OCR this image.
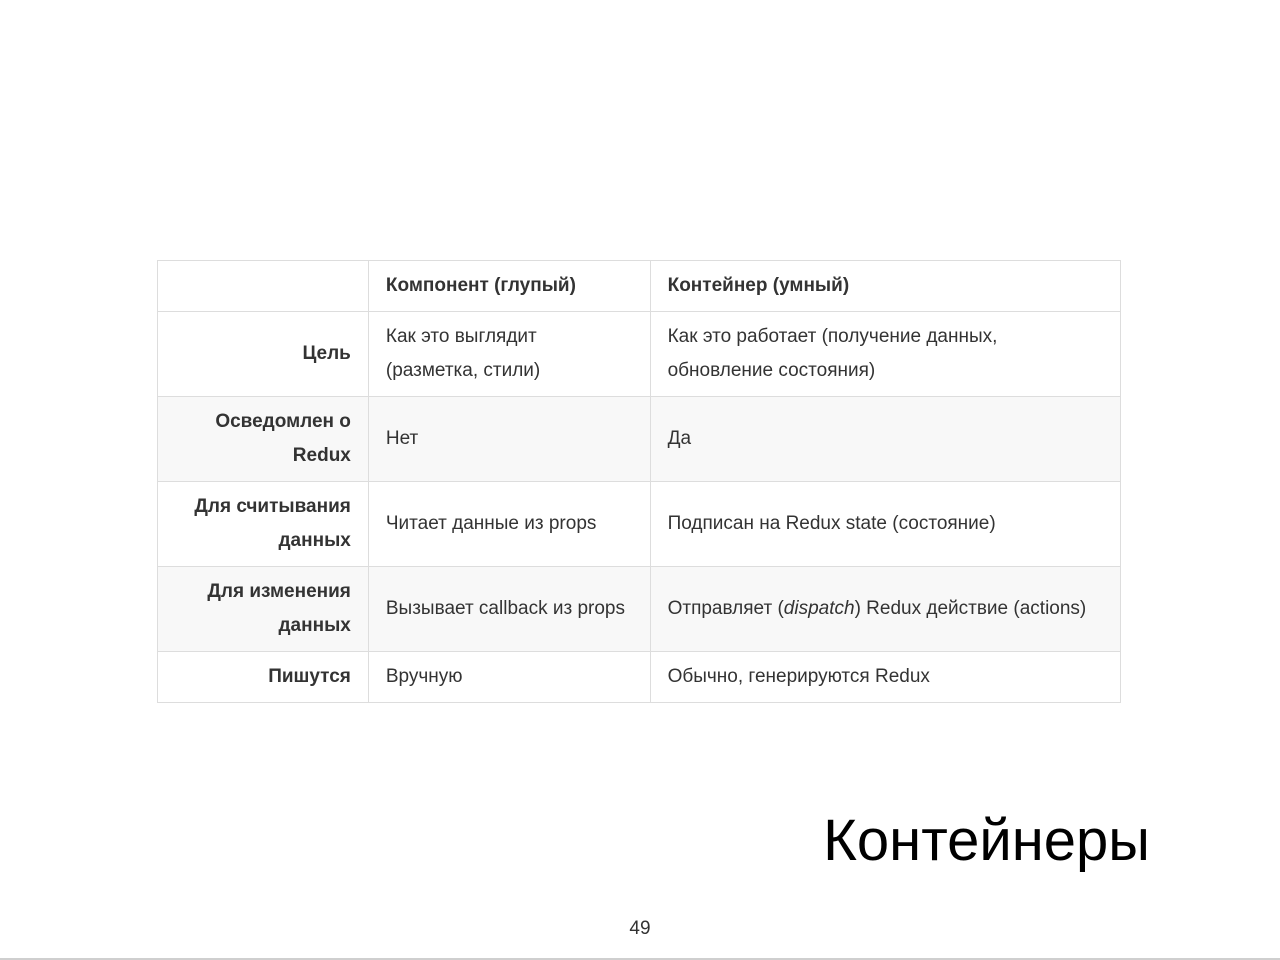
	Компонент (глупый)	Контейнер (умный)
Цель	Как это выглядит (разметка, стили)	Как это работает (получение данных, обновление состояния)
Осведомлен о Redux	Нет	Да
Для считывания данных	Читает данные из props	Подписан на Redux state (состояние)
Для изменения данных	Вызывает callback из props	Отправляет (dispatch) Redux действие (actions)
Пишутся	Вручную	Обычно, генерируются Redux
Контейнеры
49
